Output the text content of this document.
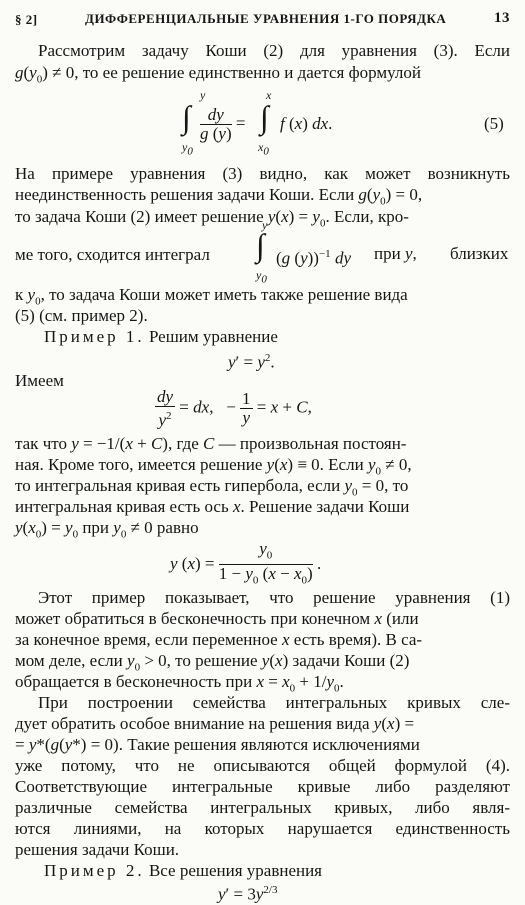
§ 2]	ДИФФЕРЕНЦИАЛЬНЫЕ УРАВНЕНИЯ 1-ГО ПОРЯДКА	13
Рассмотрим задачу Коши (2) для уравнения (3). Если
$g(y_0) \ne 0$, то ее решение единственно и дается формулой
∫
y
$y_0$
$\frac{dy}{g (y)}$ = ∫
x
$x_0$
f (x) dx.	(5)
На примере уравнения (3) видно, как может возникнуть
неединственность решения задачи Коши. Если $g(y_0) = 0$,
то задача Коши (2) имеет решение $y(x) = y_0$. Если, кро-
ме того, сходится интеграл ∫
y
$y_0$
(g (y))$^{-1}$ dy при y, близких
к $y_0$, то задача Коши может иметь также решение вида
(5) (см. пример 2).
Пример 1. Решим уравнение
$y' = y^2$.
Имеем
$\frac{dy}{y^2}$ = dx,   − $\frac{1}{y} = x + C$,
так что y = −1/(x + C), где C — произвольная постоян-
ная. Кроме того, имеется решение y(x) ≡ 0. Если $y_0 \ne 0$,
то интегральная кривая есть гипербола, если $y_0 = 0$, то
интегральная кривая есть ось x. Решение задачи Коши
$y(x_0) = y_0$ при $y_0 \ne 0$ равно
y $(x) = \frac{y_0}{1 - y_0 (x - x_0)}$ .
Этот пример показывает, что решение уравнения (1)
может обратиться в бесконечность при конечном x (или
за конечное время, если переменное x есть время). В са-
мом деле, если $y_0 > 0$, то решение y(x) задачи Коши (2)
обращается в бесконечность при $x = x_0 + 1/y_0$.
При построении семейства интегральных кривых сле-
дует обратить особое внимание на решения вида y(x) =
= y*(g(y*) = 0). Такие решения являются исключениями
уже потому, что не описываются общей формулой (4).
Соответствующие интегральные кривые либо разделяют
различные семейства интегральных кривых, либо явля-
ются линиями, на которых нарушается единственность
решения задачи Коши.
Пример 2. Все решения уравнения
$y' = 3y^{2/3}$
